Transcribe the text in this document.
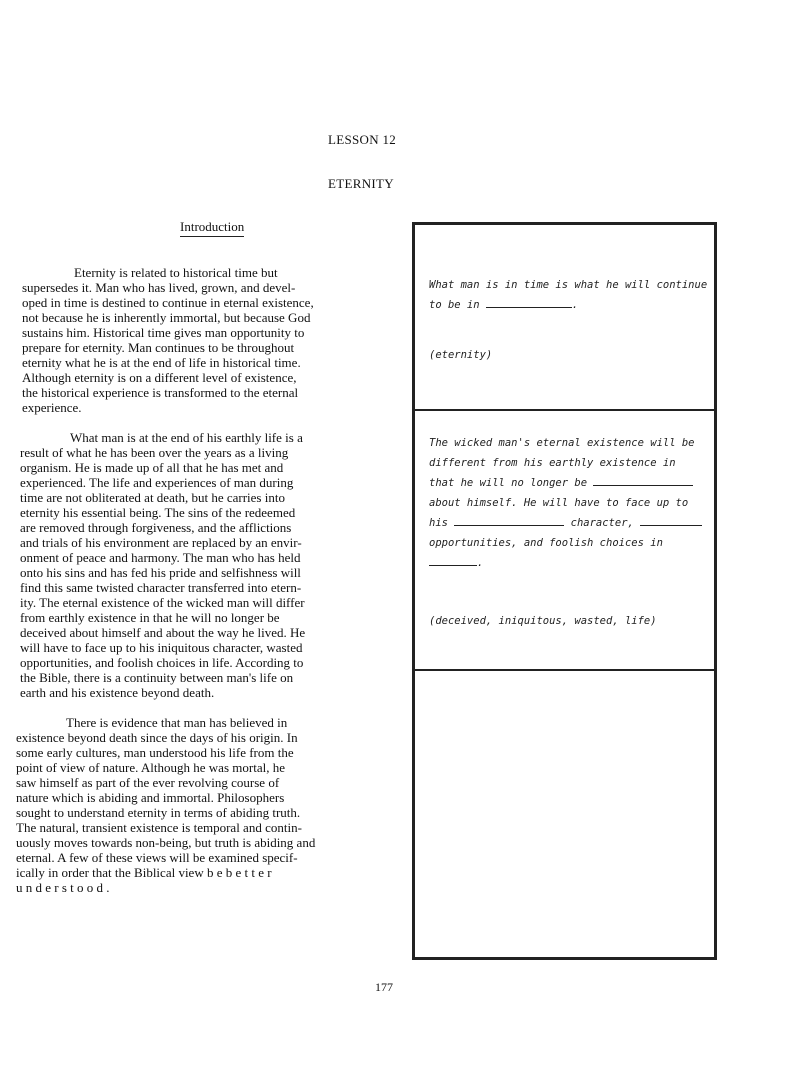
LESSON 12
ETERNITY
Introduction
Eternity is related to historical time but
supersedes it. Man who has lived, grown, and devel-
oped in time is destined to continue in eternal existence,
not because he is inherently immortal, but because God
sustains him. Historical time gives man opportunity to
prepare for eternity. Man continues to be throughout
eternity what he is at the end of life in historical time.
Although eternity is on a different level of existence,
the historical experience is transformed to the eternal
experience.
What man is at the end of his earthly life is a
result of what he has been over the years as a living
organism. He is made up of all that he has met and
experienced. The life and experiences of man during
time are not obliterated at death, but he carries into
eternity his essential being. The sins of the redeemed
are removed through forgiveness, and the afflictions
and trials of his environment are replaced by an envir-
onment of peace and harmony. The man who has held
onto his sins and has fed his pride and selfishness will
find this same twisted character transferred into etern-
ity. The eternal existence of the wicked man will differ
from earthly existence in that he will no longer be
deceived about himself and about the way he lived. He
will have to face up to his iniquitous character, wasted
opportunities, and foolish choices in life. According to
the Bible, there is a continuity between man's life on
earth and his existence beyond death.
There is evidence that man has believed in
existence beyond death since the days of his origin. In
some early cultures, man understood his life from the
point of view of nature. Although he was mortal, he
saw himself as part of the ever revolving course of
nature which is abiding and immortal. Philosophers
sought to understand eternity in terms of abiding truth.
The natural, transient existence is temporal and contin-
uously moves towards non-being, but truth is abiding and
eternal. A few of these views will be examined specif-
ically in order that the Biblical view b e b e t t e r
u n d e r s t o o d .
What man is in time is what he will continue
to be in	.
(eternity)
The wicked man's eternal existence will be
different from his earthly existence in
that he will no longer be
about himself. He will have to face up to
his	character,
opportunities, and foolish choices in
.
(deceived, iniquitous, wasted, life)
177
